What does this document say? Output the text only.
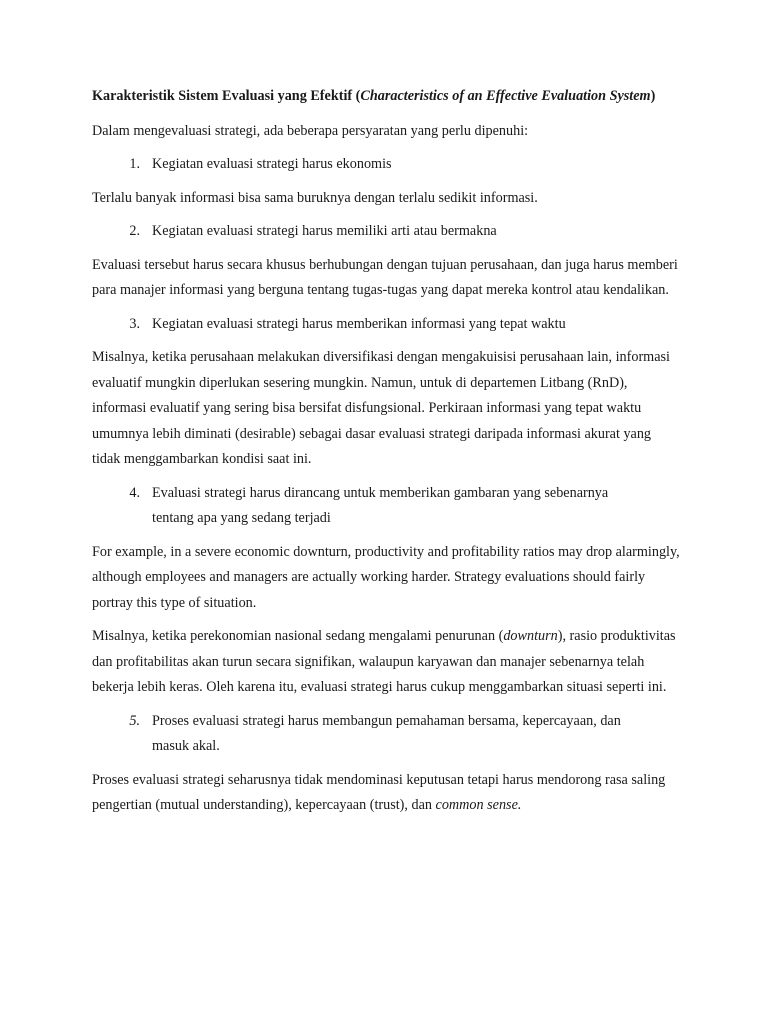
Karakteristik Sistem Evaluasi yang Efektif (Characteristics of an Effective Evaluation System)

Dalam mengevaluasi strategi, ada beberapa persyaratan yang perlu dipenuhi:

1. Kegiatan evaluasi strategi harus ekonomis

Terlalu banyak informasi bisa sama buruknya dengan terlalu sedikit informasi.

2. Kegiatan evaluasi strategi harus memiliki arti atau bermakna

Evaluasi tersebut harus secara khusus berhubungan dengan tujuan perusahaan, dan juga harus memberi para manajer informasi yang berguna tentang tugas-tugas yang dapat mereka kontrol atau kendalikan.

3. Kegiatan evaluasi strategi harus memberikan informasi yang tepat waktu

Misalnya, ketika perusahaan melakukan diversifikasi dengan mengakuisisi perusahaan lain, informasi evaluatif mungkin diperlukan sesering mungkin. Namun, untuk di departemen Litbang (RnD), informasi evaluatif yang sering bisa bersifat disfungsional. Perkiraan informasi yang tepat waktu umumnya lebih diminati (desirable) sebagai dasar evaluasi strategi daripada informasi akurat yang tidak menggambarkan kondisi saat ini.

4. Evaluasi strategi harus dirancang untuk memberikan gambaran yang sebenarnya tentang apa yang sedang terjadi

For example, in a severe economic downturn, productivity and profitability ratios may drop alarmingly, although employees and managers are actually working harder. Strategy evaluations should fairly portray this type of situation.

Misalnya, ketika perekonomian nasional sedang mengalami penurunan (downturn), rasio produktivitas dan profitabilitas akan turun secara signifikan, walaupun karyawan dan manajer sebenarnya telah bekerja lebih keras. Oleh karena itu, evaluasi strategi harus cukup menggambarkan situasi seperti ini.

5. Proses evaluasi strategi harus membangun pemahaman bersama, kepercayaan, dan masuk akal.

Proses evaluasi strategi seharusnya tidak mendominasi keputusan tetapi harus mendorong rasa saling pengertian (mutual understanding), kepercayaan (trust), dan common sense.
